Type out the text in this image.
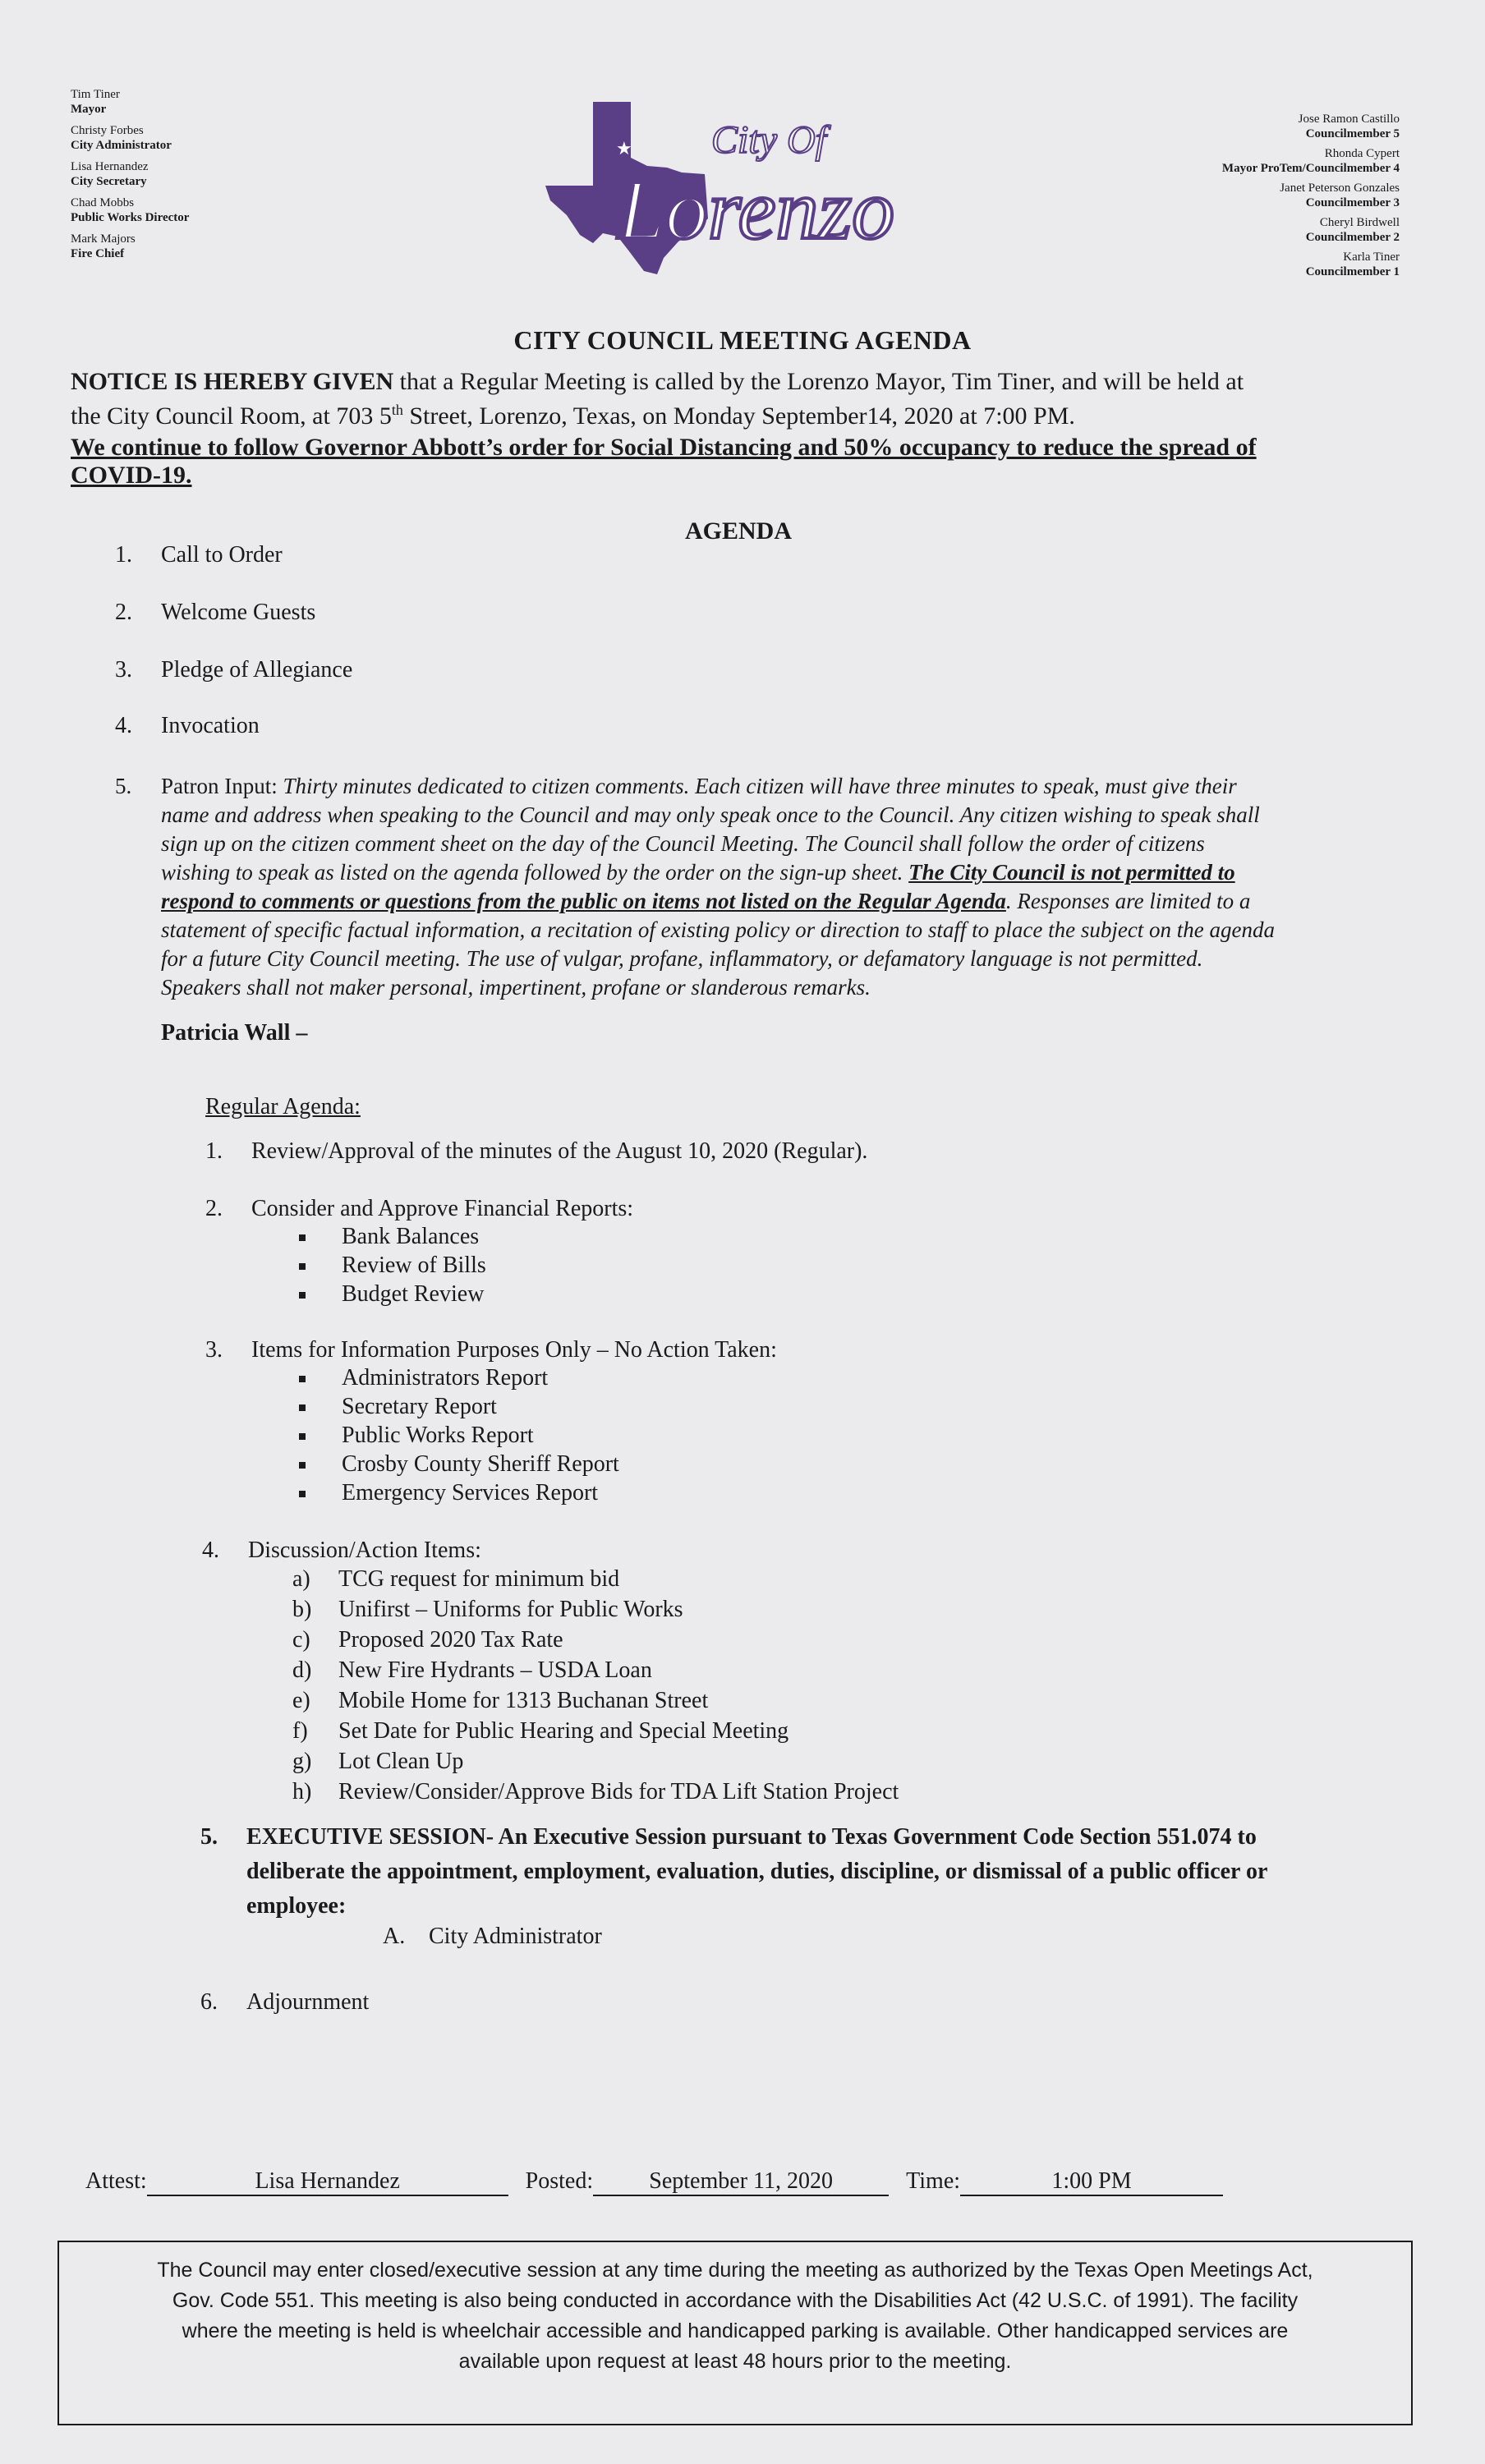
Tim Tiner
Mayor
Christy Forbes
City Administrator
Lisa Hernandez
City Secretary
Chad Mobbs
Public Works Director
Mark Majors
Fire Chief
Jose Ramon Castillo
Councilmember 5
Rhonda Cypert
Mayor ProTem/Councilmember 4
Janet Peterson Gonzales
Councilmember 3
Cheryl Birdwell
Councilmember 2
Karla Tiner
Councilmember 1
★ City Of
Lorenzo
CITY COUNCIL MEETING AGENDA
NOTICE IS HEREBY GIVEN that a Regular Meeting is called by the Lorenzo Mayor, Tim Tiner, and will be held at
the City Council Room, at 703 5th Street, Lorenzo, Texas, on Monday September14, 2020 at 7:00 PM.
We continue to follow Governor Abbott’s order for Social Distancing and 50% occupancy to reduce the spread of
COVID-19.
AGENDA
1.	Call to Order
2.	Welcome Guests
3.	Pledge of Allegiance
4.	Invocation
5.	Patron Input:
Thirty minutes dedicated to citizen comments. Each citizen will have three minutes to speak, must give their
name and address when speaking to the Council and may only speak once to the Council. Any citizen wishing to speak shall
sign up on the citizen comment sheet on the day of the Council Meeting. The Council shall follow the order of citizens
wishing to speak as listed on the agenda followed by the order on the sign-up sheet. The City Council is not permitted to
respond to comments or questions from the public on items not listed on the Regular Agenda. Responses are limited to a
statement of specific factual information, a recitation of existing policy or direction to staff to place the subject on the agenda
for a future City Council meeting. The use of vulgar, profane, inflammatory, or defamatory language is not permitted.
Speakers shall not maker personal, impertinent, profane or slanderous remarks.
Patricia Wall –
Regular Agenda:
1.	Review/Approval of the minutes of the August 10, 2020 (Regular).
2.	Consider and Approve Financial Reports:
Bank Balances
Review of Bills
Budget Review
3.	Items for Information Purposes Only – No Action Taken:
Administrators Report
Secretary Report
Public Works Report
Crosby County Sheriff Report
Emergency Services Report
4.	Discussion/Action Items:
a)	TCG request for minimum bid
b)	Unifirst – Uniforms for Public Works
c)	Proposed 2020 Tax Rate
d)	New Fire Hydrants – USDA Loan
e)	Mobile Home for 1313 Buchanan Street
f)	Set Date for Public Hearing and Special Meeting
g)	Lot Clean Up
h)	Review/Consider/Approve Bids for TDA Lift Station Project
5.	EXECUTIVE SESSION- An Executive Session pursuant to Texas Government Code Section 551.074 to
deliberate the appointment, employment, evaluation, duties, discipline, or dismissal of a public officer or
employee:
A.	City Administrator
6.	Adjournment
Attest:	Lisa Hernandez	Posted: September 11, 2020	Time:	1:00 PM
The Council may enter closed/executive session at any time during the meeting as authorized by the Texas Open Meetings Act,
Gov. Code 551. This meeting is also being conducted in accordance with the Disabilities Act (42 U.S.C. of 1991). The facility
where the meeting is held is wheelchair accessible and handicapped parking is available. Other handicapped services are
available upon request at least 48 hours prior to the meeting.
